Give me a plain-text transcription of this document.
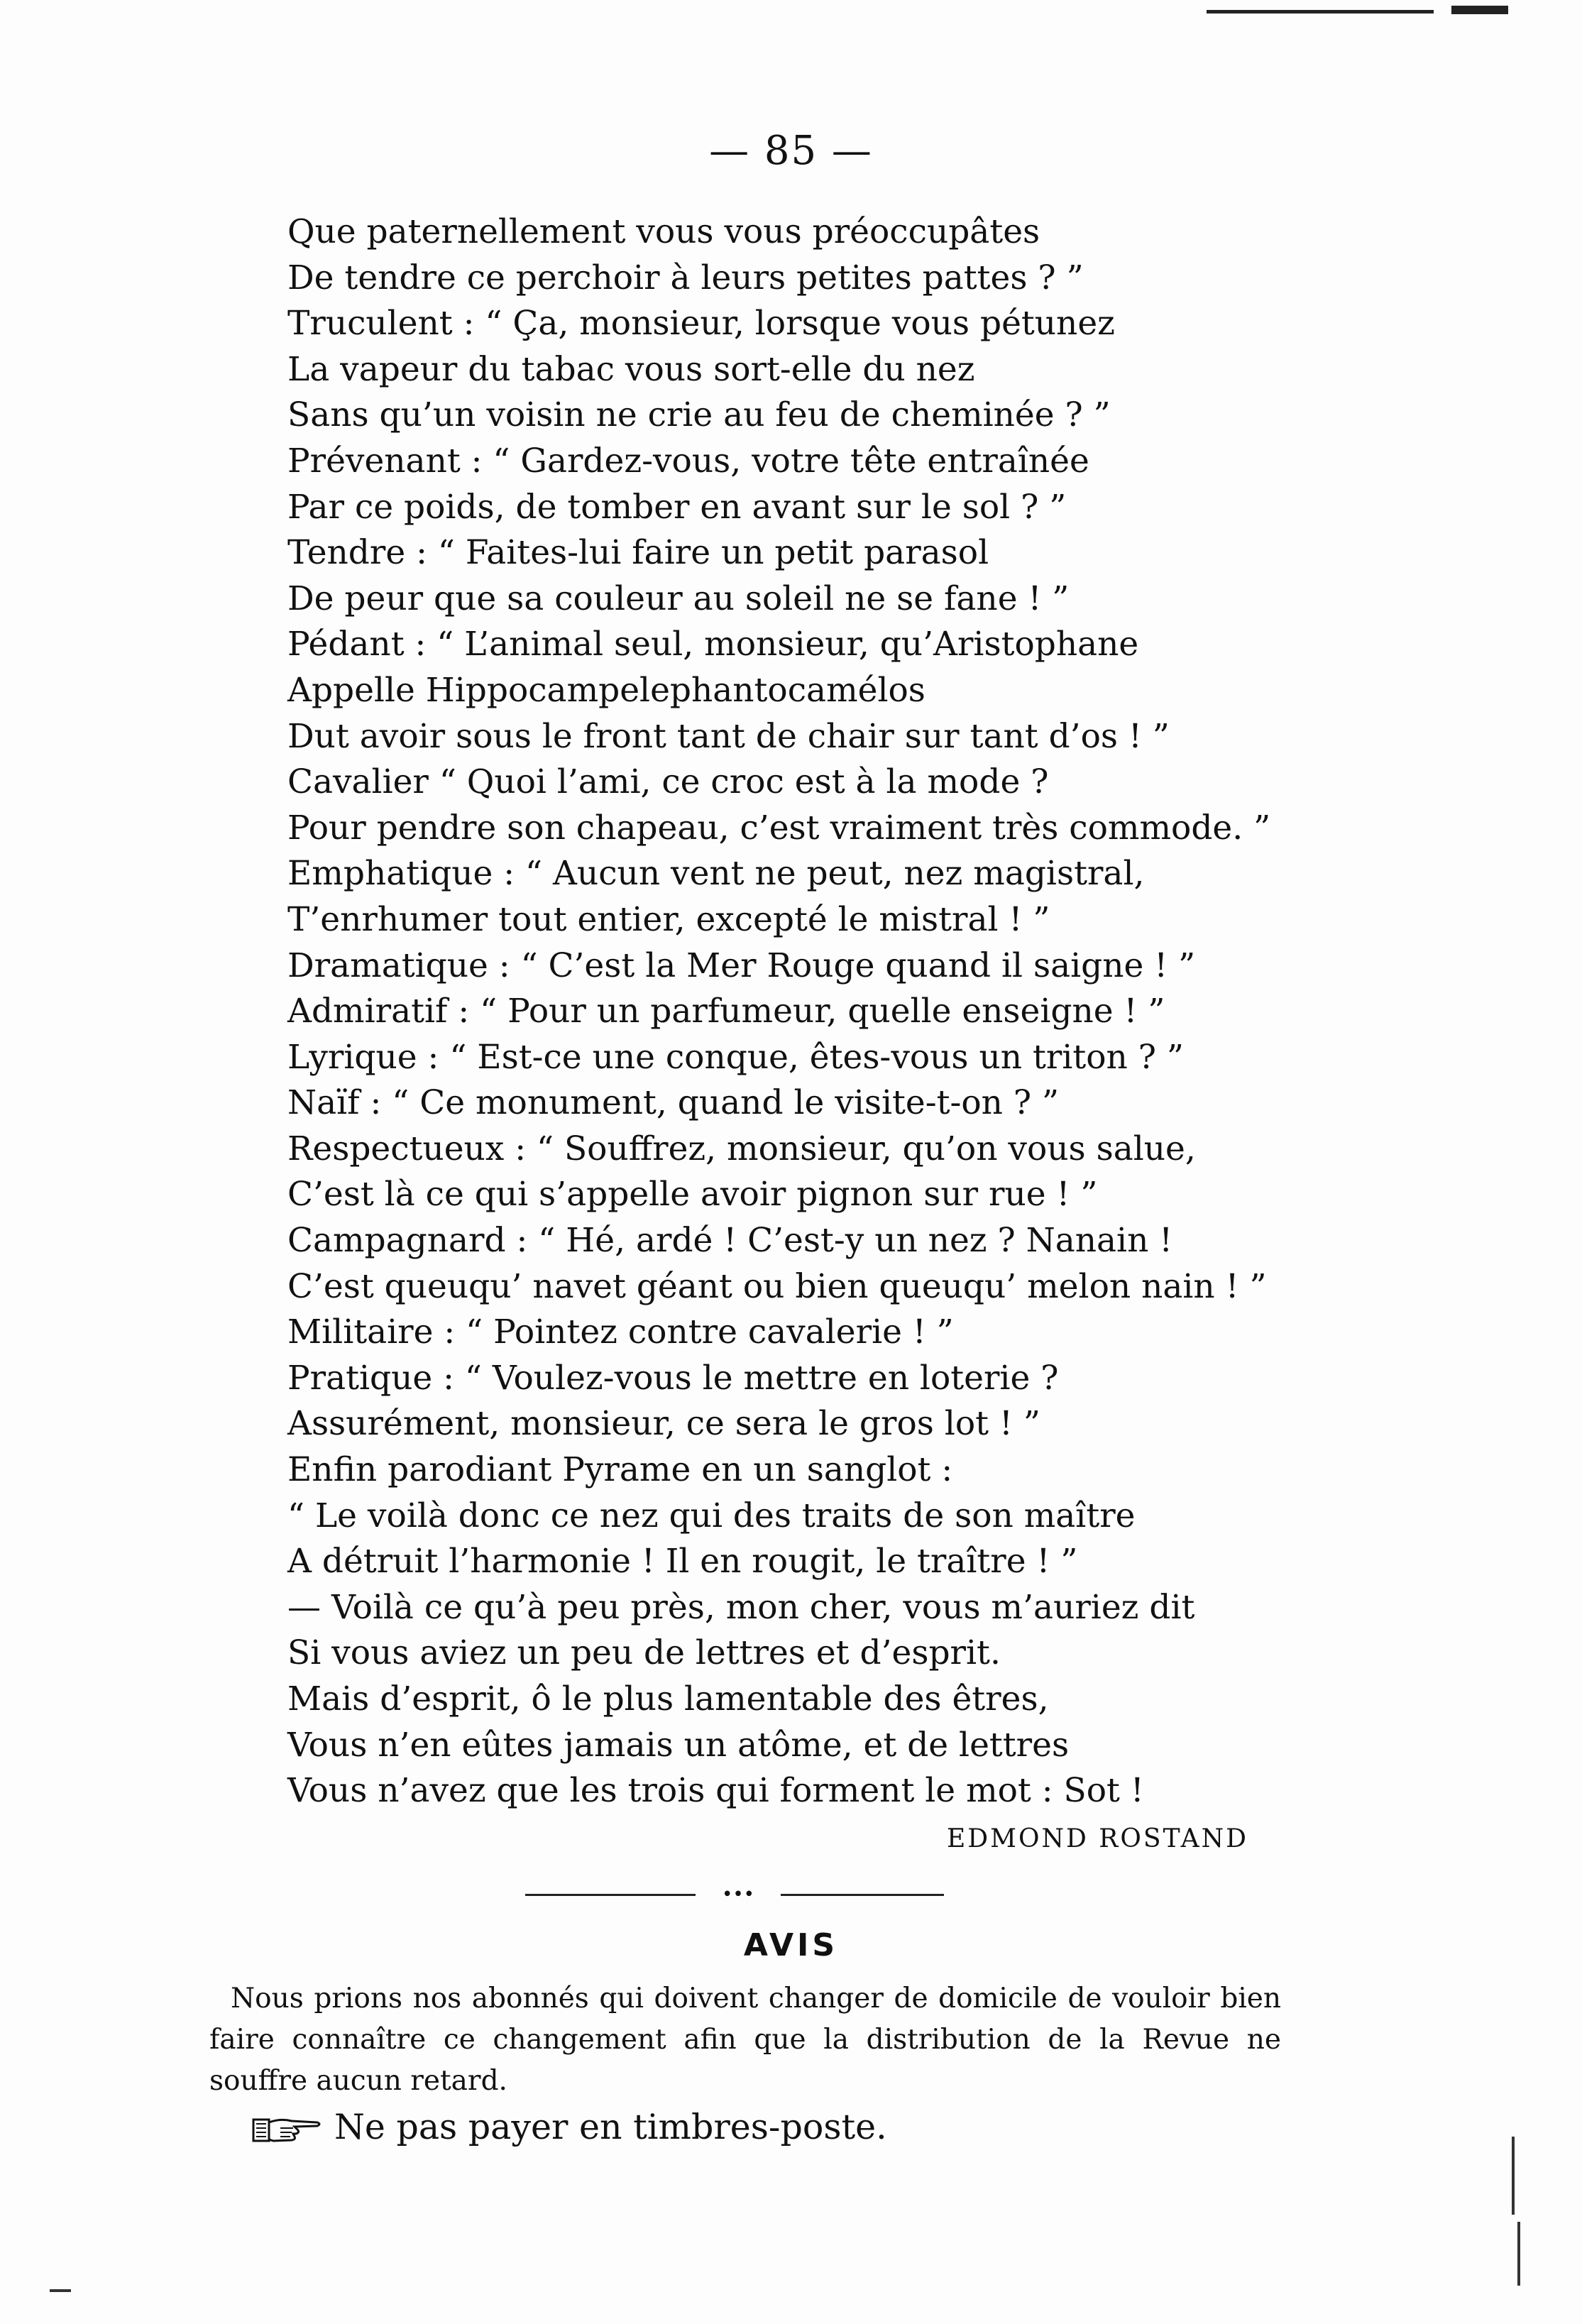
— 85 —
Que paternellement vous vous préoccupâtes
De tendre ce perchoir à leurs petites pattes ? ”
Truculent : “ Ça, monsieur, lorsque vous pétunez
La vapeur du tabac vous sort-elle du nez
Sans qu’un voisin ne crie au feu de cheminée ? ”
Prévenant : “ Gardez-vous, votre tête entraînée
Par ce poids, de tomber en avant sur le sol ? ”
Tendre : “ Faites-lui faire un petit parasol
De peur que sa couleur au soleil ne se fane ! ”
Pédant : “ L’animal seul, monsieur, qu’Aristophane
Appelle Hippocampelephantocamélos
Dut avoir sous le front tant de chair sur tant d’os ! ”
Cavalier “ Quoi l’ami, ce croc est à la mode ?
Pour pendre son chapeau, c’est vraiment très commode. ”
Emphatique : “ Aucun vent ne peut, nez magistral,
T’enrhumer tout entier, excepté le mistral ! ”
Dramatique : “ C’est la Mer Rouge quand il saigne ! ”
Admiratif : “ Pour un parfumeur, quelle enseigne ! ”
Lyrique : “ Est-ce une conque, êtes-vous un triton ? ”
Naïf : “ Ce monument, quand le visite-t-on ? ”
Respectueux : “ Souffrez, monsieur, qu’on vous salue,
C’est là ce qui s’appelle avoir pignon sur rue ! ”
Campagnard : “ Hé, ardé ! C’est-y un nez ? Nanain !
C’est queuqu’ navet géant ou bien queuqu’ melon nain ! ”
Militaire : “ Pointez contre cavalerie ! ”
Pratique : “ Voulez-vous le mettre en loterie ?
Assurément, monsieur, ce sera le gros lot ! ”
Enfin parodiant Pyrame en un sanglot :
“ Le voilà donc ce nez qui des traits de son maître
A détruit l’harmonie ! Il en rougit, le traître ! ”
— Voilà ce qu’à peu près, mon cher, vous m’auriez dit
Si vous aviez un peu de lettres et d’esprit.
Mais d’esprit, ô le plus lamentable des êtres,
Vous n’en eûtes jamais un atôme, et de lettres
Vous n’avez que les trois qui forment le mot : Sot !
EDMOND ROSTAND
•••
AVIS
Nous prions nos abonnés qui doivent changer de domicile de vouloir bien faire connaître ce changement afin que la distribution de la Revue ne souffre aucun retard.
Ne pas payer en timbres-poste.
